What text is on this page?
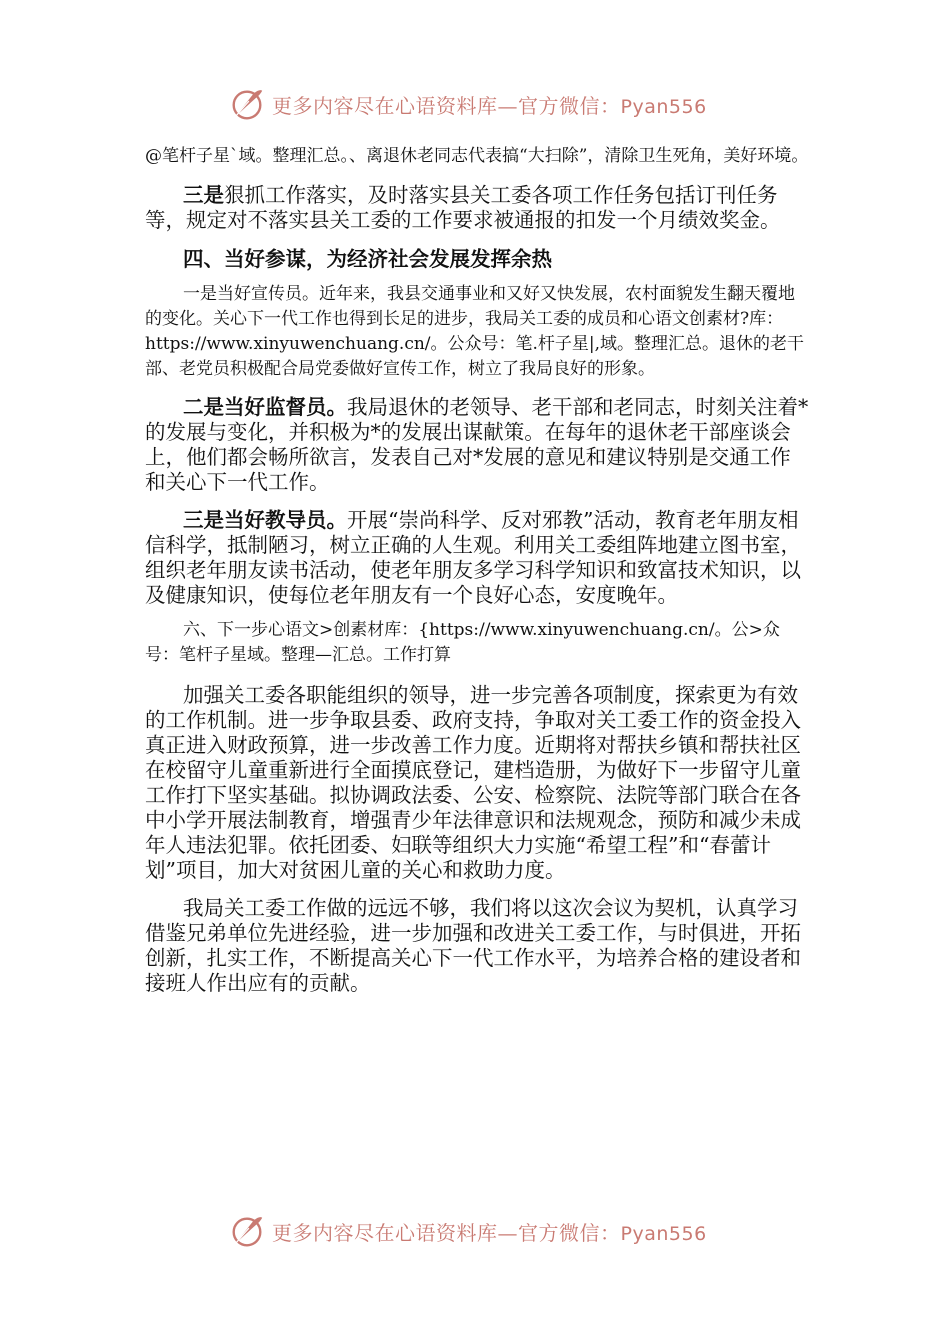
更多内容尽在心语资料库—官方微信：Pyan556

@笔杆子星`域。整理汇总。、离退休老同志代表搞“大扫除”，清除卫生死角，美好环境。

三是狠抓工作落实，及时落实县关工委各项工作任务包括订刊任务等，规定对不落实县关工委的工作要求被通报的扣发一个月绩效奖金。

四、当好参谋，为经济社会发展发挥余热

一是当好宣传员。近年来，我县交通事业和又好又快发展，农村面貌发生翻天覆地的变化。关心下一代工作也得到长足的进步，我局关工委的成员和心语文创素材?库：https://www.xinyuwenchuang.cn/。公众号：笔.杆子星|,域。整理汇总。退休的老干部、老党员积极配合局党委做好宣传工作，树立了我局良好的形象。

二是当好监督员。我局退休的老领导、老干部和老同志，时刻关注着*的发展与变化，并积极为*的发展出谋献策。在每年的退休老干部座谈会上，他们都会畅所欲言，发表自己对*发展的意见和建议特别是交通工作和关心下一代工作。

三是当好教导员。开展“崇尚科学、反对邪教”活动，教育老年朋友相信科学，抵制陋习，树立正确的人生观。利用关工委组阵地建立图书室，组织老年朋友读书活动，使老年朋友多学习科学知识和致富技术知识，以及健康知识，使每位老年朋友有一个良好心态，安度晚年。

六、下一步心语文>创素材库：{https://www.xinyuwenchuang.cn/。公>众号：笔杆子星域。整理—汇总。工作打算

加强关工委各职能组织的领导，进一步完善各项制度，探索更为有效的工作机制。进一步争取县委、政府支持，争取对关工委工作的资金投入真正进入财政预算，进一步改善工作力度。近期将对帮扶乡镇和帮扶社区在校留守儿童重新进行全面摸底登记，建档造册，为做好下一步留守儿童工作打下坚实基础。拟协调政法委、公安、检察院、法院等部门联合在各中小学开展法制教育，增强青少年法律意识和法规观念，预防和减少未成年人违法犯罪。依托团委、妇联等组织大力实施“希望工程”和“春蕾计划”项目，加大对贫困儿童的关心和救助力度。

我局关工委工作做的远远不够，我们将以这次会议为契机，认真学习借鉴兄弟单位先进经验，进一步加强和改进关工委工作，与时俱进，开拓创新，扎实工作，不断提高关心下一代工作水平，为培养合格的建设者和接班人作出应有的贡献。

更多内容尽在心语资料库—官方微信：Pyan556
